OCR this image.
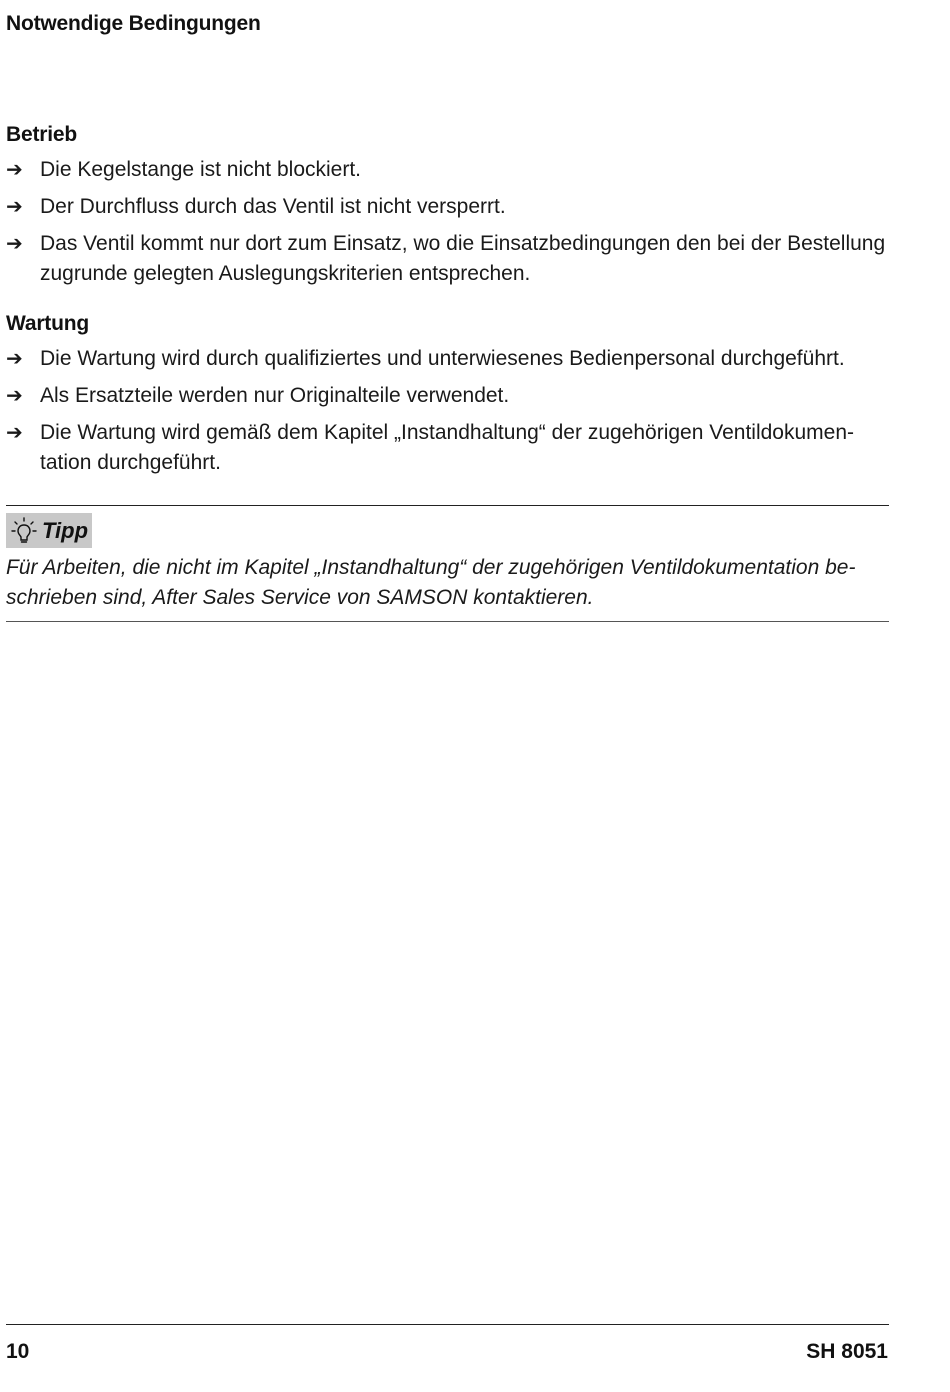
Notwendige Bedingungen
Betrieb
➔ Die Kegelstange ist nicht blockiert.
➔ Der Durchfluss durch das Ventil ist nicht versperrt.
➔ Das Ventil kommt nur dort zum Einsatz, wo die Einsatzbedingungen den bei der Bestellung zugrunde gelegten Auslegungskriterien entsprechen.
Wartung
➔ Die Wartung wird durch qualifiziertes und unterwiesenes Bedienpersonal durchgeführt.
➔ Als Ersatzteile werden nur Originalteile verwendet.
➔ Die Wartung wird gemäß dem Kapitel „Instandhaltung“ der zugehörigen Ventildokumentation durchgeführt.
Tipp
Für Arbeiten, die nicht im Kapitel „Instandhaltung“ der zugehörigen Ventildokumentation beschrieben sind, After Sales Service von SAMSON kontaktieren.
10	SH 8051
